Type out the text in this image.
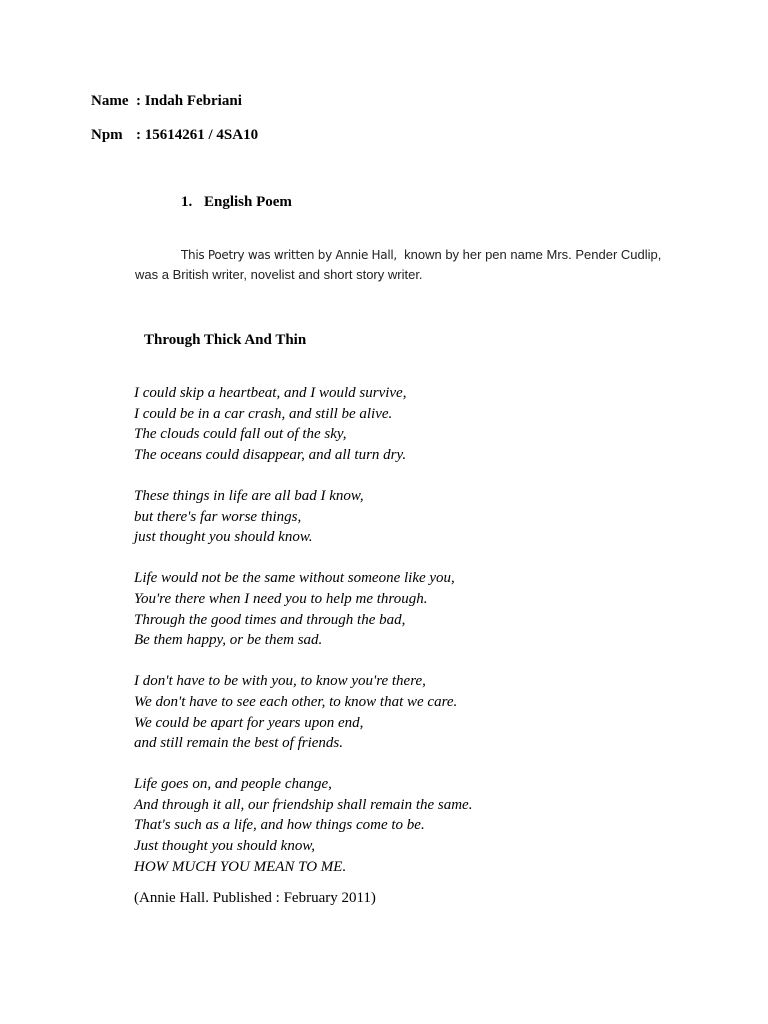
Name : Indah Febriani
Npm : 15614261 / 4SA10
1. English Poem
This Poetry was written by Annie Hall, known by her pen name Mrs. Pender Cudlip,
was a British writer, novelist and short story writer.
Through Thick And Thin
I could skip a heartbeat, and I would survive,
I could be in a car crash, and still be alive.
The clouds could fall out of the sky,
The oceans could disappear, and all turn dry.
These things in life are all bad I know,
but there's far worse things,
just thought you should know.
Life would not be the same without someone like you,
You're there when I need you to help me through.
Through the good times and through the bad,
Be them happy, or be them sad.
I don't have to be with you, to know you're there,
We don't have to see each other, to know that we care.
We could be apart for years upon end,
and still remain the best of friends.
Life goes on, and people change,
And through it all, our friendship shall remain the same.
That's such as a life, and how things come to be.
Just thought you should know,
HOW MUCH YOU MEAN TO ME.
(Annie Hall. Published : February 2011)
